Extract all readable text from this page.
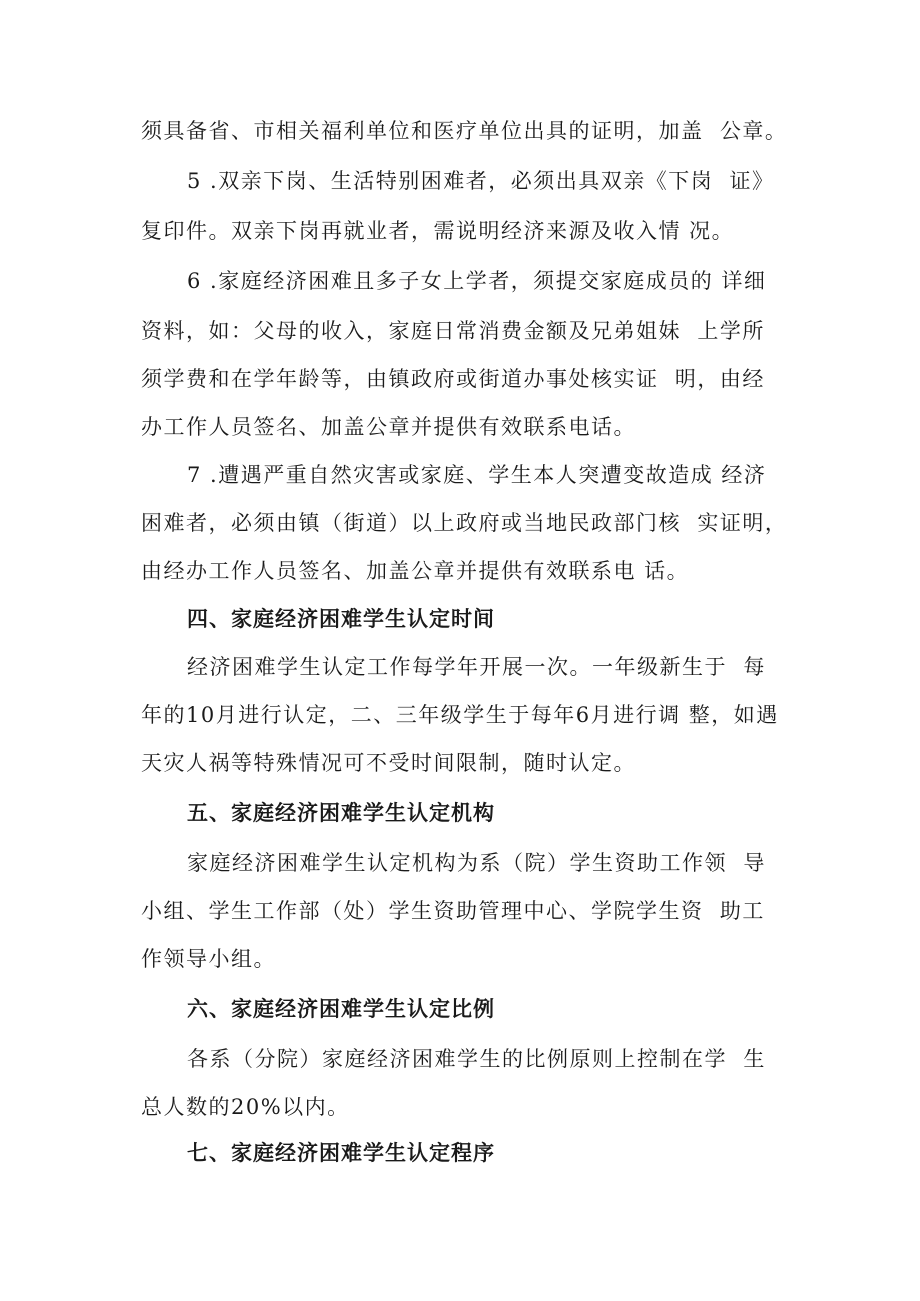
须具备省、市相关福利单位和医疗单位出具的证明，加盖  公章。
5 .双亲下岗、生活特别困难者，必须出具双亲《下岗  证》
复印件。双亲下岗再就业者，需说明经济来源及收入情 况。
6 .家庭经济困难且多子女上学者，须提交家庭成员的 详细
资料，如：父母的收入，家庭日常消费金额及兄弟姐妹  上学所
须学费和在学年龄等，由镇政府或街道办事处核实证  明，由经
办工作人员签名、加盖公章并提供有效联系电话。
7 .遭遇严重自然灾害或家庭、学生本人突遭变故造成 经济
困难者，必须由镇（街道）以上政府或当地民政部门核  实证明，
由经办工作人员签名、加盖公章并提供有效联系电 话。
四、家庭经济困难学生认定时间
经济困难学生认定工作每学年开展一次。一年级新生于  每
年的10月进行认定，二、三年级学生于每年6月进行调 整，如遇
天灾人祸等特殊情况可不受时间限制，随时认定。
五、家庭经济困难学生认定机构
家庭经济困难学生认定机构为系（院）学生资助工作领  导
小组、学生工作部（处）学生资助管理中心、学院学生资  助工
作领导小组。
六、家庭经济困难学生认定比例
各系（分院）家庭经济困难学生的比例原则上控制在学  生
总人数的20%以内。
七、家庭经济困难学生认定程序
